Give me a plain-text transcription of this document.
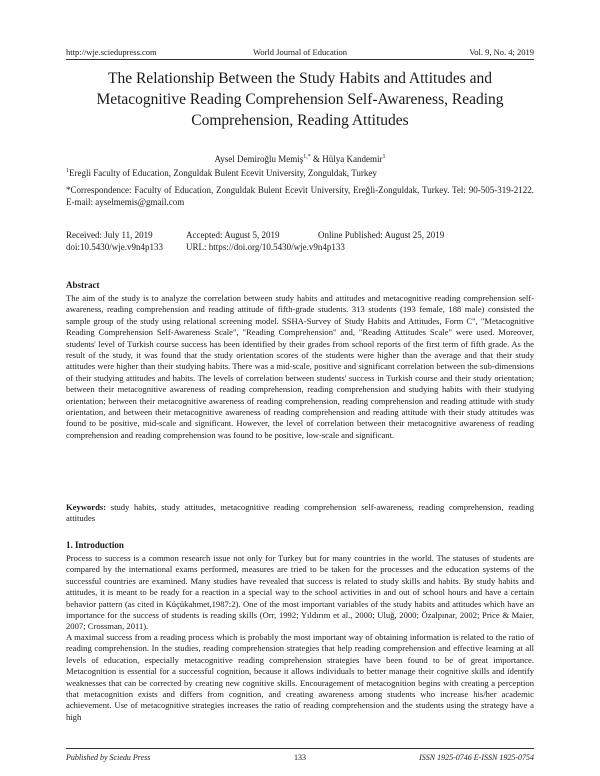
http://wje.sciedupress.com	World Journal of Education	Vol. 9, No. 4; 2019
The Relationship Between the Study Habits and Attitudes and Metacognitive Reading Comprehension Self-Awareness, Reading Comprehension, Reading Attitudes
Aysel Demiroğlu Memiş$^{1,*}$ & Hülya Kandemir$^1$
$^1$Eregli Faculty of Education, Zonguldak Bulent Ecevit University, Zonguldak, Turkey
*Correspondence: Faculty of Education, Zonguldak Bulent Ecevit University, Ereğli-Zonguldak, Turkey. Tel: 90-505-319-2122. E-mail: ayselmemis@gmail.com
Received: July 11, 2019	Accepted: August 5, 2019	Online Published: August 25, 2019
doi:10.5430/wje.v9n4p133	URL: https://doi.org/10.5430/wje.v9n4p133
Abstract

The aim of the study is to analyze the correlation between study habits and attitudes and metacognitive reading comprehension self-awareness, reading comprehension and reading attitude of fifth-grade students. 313 students (193 female, 188 male) consisted the sample group of the study using relational screening model. SSHA-Survey of Study Habits and Attitudes, Form C", "Metacognitive Reading Comprehension Self-Awareness Scale", "Reading Comprehension" and, "Reading Attitudes Scale" were used. Moreover, students' level of Turkish course success has been identified by their grades from school reports of the first term of fifth grade. As the result of the study, it was found that the study orientation scores of the students were higher than the average and that their study attitudes were higher than their studying habits. There was a mid-scale, positive and significant correlation between the sub-dimensions of their studying attitudes and habits. The levels of correlation between students' success in Turkish course and their study orientation; between their metacognitive awareness of reading comprehension, reading comprehension and studying habits with their studying orientation; between their metacognitive awareness of reading comprehension, reading comprehension and reading attitude with study orientation, and between their metacognitive awareness of reading comprehension and reading attitude with their study attitudes was found to be positive, mid-scale and significant. However, the level of correlation between their metacognitive awareness of reading comprehension and reading comprehension was found to be positive, low-scale and significant.

Keywords: study habits, study attitudes, metacognitive reading comprehension self-awareness, reading comprehension, reading attitudes
1. Introduction

Process to success is a common research issue not only for Turkey but for many countries in the world. The statuses of students are compared by the international exams performed, measures are tried to be taken for the processes and the education systems of the successful countries are examined. Many studies have revealed that success is related to study skills and habits. By study habits and attitudes, it is meant to be ready for a reaction in a special way to the school activities in and out of school hours and have a certain behavior pattern (as cited in Küçükahmet,1987:2). One of the most important variables of the study habits and attitudes which have an importance for the success of students is reading skills (Orr, 1992; Yıldırım et al., 2000; Uluğ, 2000; Özalpınar, 2002; Price & Maier, 2007; Crossman, 2011).

A maximal success from a reading process which is probably the most important way of obtaining information is related to the ratio of reading comprehension. In the studies, reading comprehension strategies that help reading comprehension and effective learning at all levels of education, especially metacognitive reading comprehension strategies have been found to be of great importance. Metacognition is essential for a successful cognition, because it allows individuals to better manage their cognitive skills and identify weaknesses that can be corrected by creating new cognitive skills. Encouragement of metacognition begins with creating a perception that metacognition exists and differs from cognition, and creating awareness among students who increase his/her academic achievement. Use of metacognitive strategies increases the ratio of reading comprehension and the students using the strategy have a high

Published by Sciedu Press	133	ISSN 1925-0746 E-ISSN 1925-0754
